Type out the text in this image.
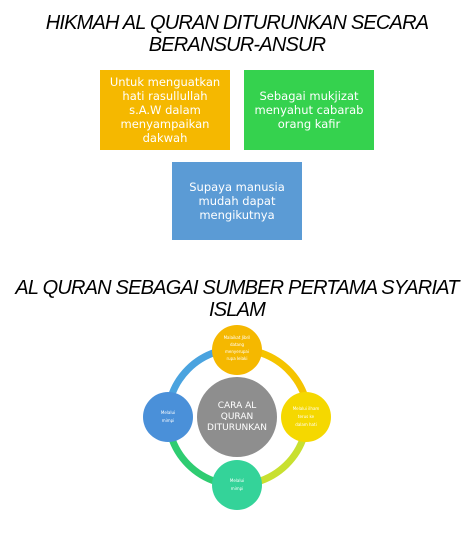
HIKMAH AL QURAN DITURUNKAN SECARA
BERANSUR-ANSUR
Untuk menguatkan hati rasullullah s.A.W dalam menyampaikan dakwah
Sebagai mukjizat menyahut cabarab orang kafir
Supaya manusia mudah dapat mengikutnya
AL QURAN SEBAGAI SUMBER PERTAMA SYARIAT
ISLAM
CARA AL
QURAN
DITURUNKAN
Malaikat Jibril
datang
menyerupai
rupa lelaki
Melalui ilham
terus ke
dalam hati
Melalui
mimpi
Melalui
mimpi
